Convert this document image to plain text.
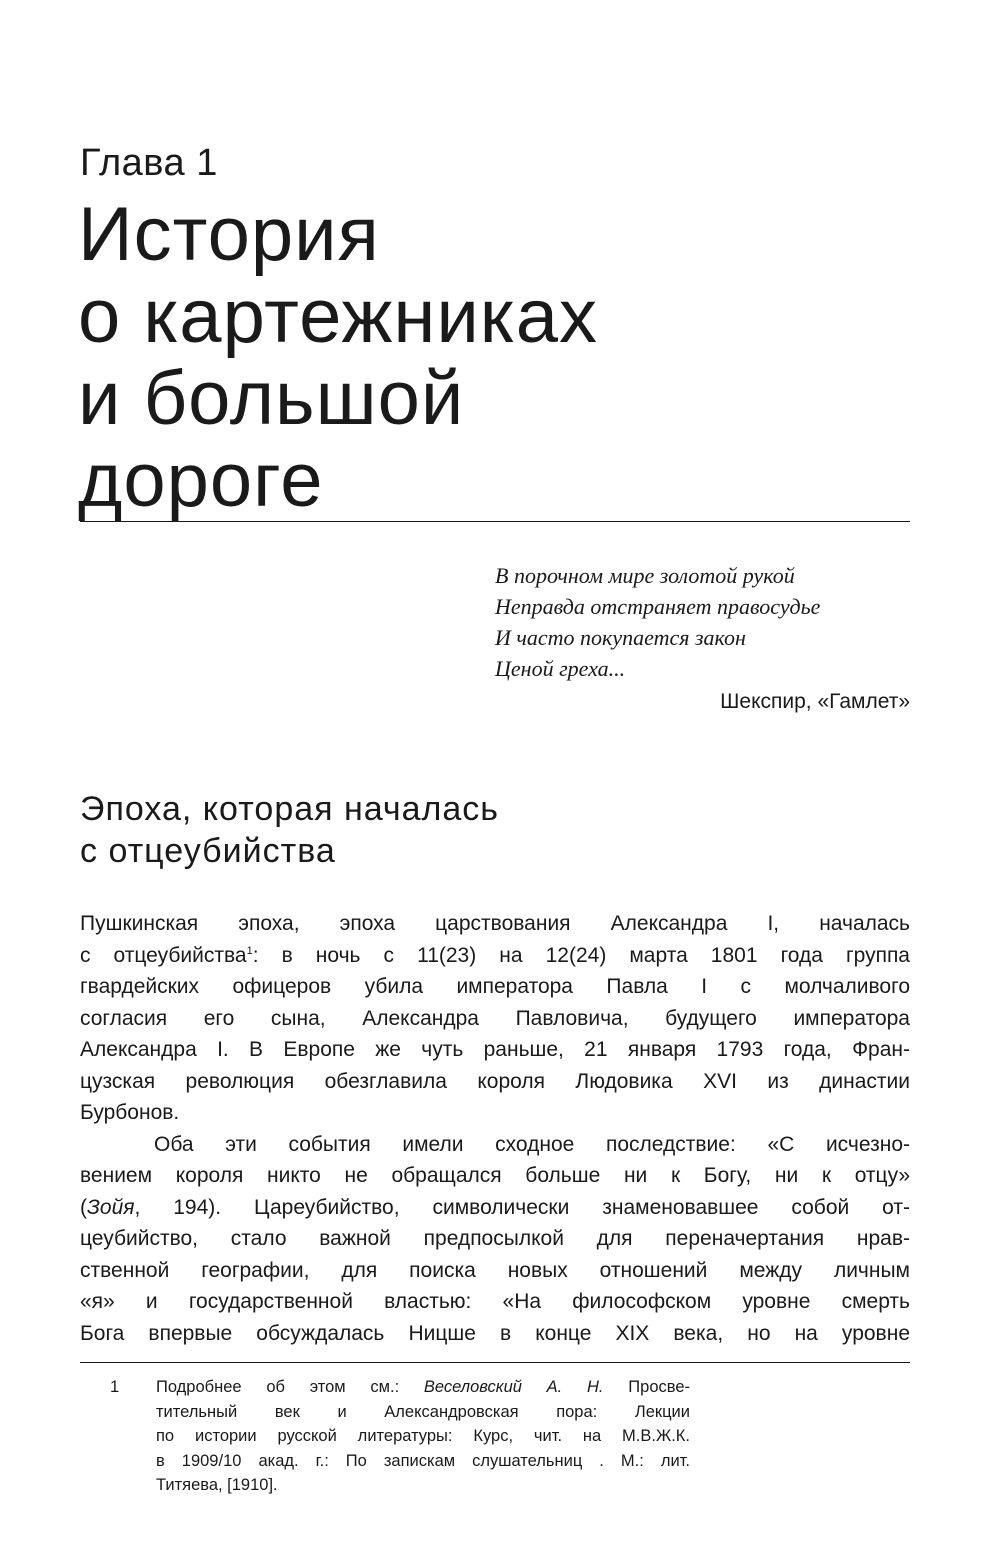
Глава 1
История
о картежниках
и большой
дороге
В порочном мире золотой рукой
Неправда отстраняет правосудье
И часто покупается закон
Ценой греха...
Шекспир, «Гамлет»
Эпоха, которая началась
с отцеубийства
Пушкинская эпоха, эпоха царствования Александра I, началась
с отцеубийства$^1$: в ночь с 11(23) на 12(24) марта 1801 года группа
гвардейских офицеров убила императора Павла I с молчаливого
согласия его сына, Александра Павловича, будущего императора
Александра I. В Европе же чуть раньше, 21 января 1793 года, Фран-
цузская революция обезглавила короля Людовика XVI из династии
Бурбонов.
Оба эти события имели сходное последствие: «С исчезно-
вением короля никто не обращался больше ни к Богу, ни к отцу»
(Зойя, 194). Цареубийство, символически знаменовавшее собой от-
цеубийство, стало важной предпосылкой для переначертания нрав-
ственной географии, для поиска новых отношений между личным
«я» и государственной властью: «На философском уровне смерть
Бога впервые обсуждалась Ницше в конце XIX века, но на уровне
1 Подробнее об этом см.: Веселовский А. Н. Просве-
тительный век и Александровская пора: Лекции
по истории русской литературы: Курс, чит. на М.В.Ж.К.
в 1909/10 акад. г.: По запискам слушательниц . М.: лит.
Титяева, [1910].
